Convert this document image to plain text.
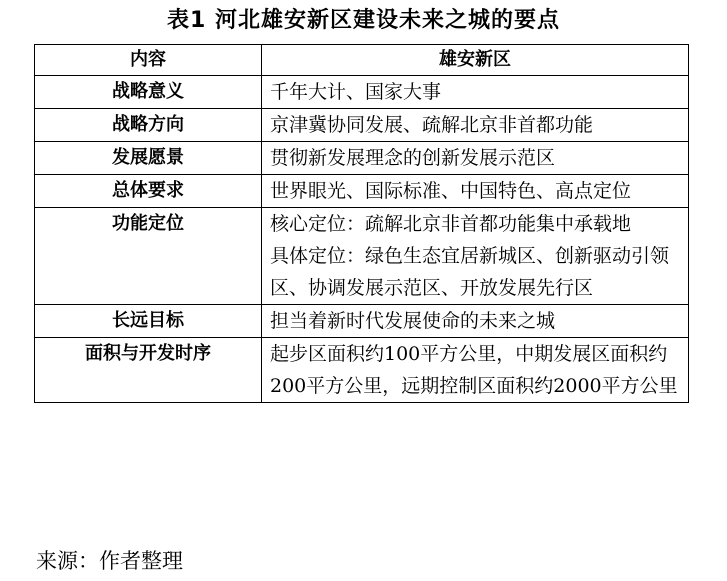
表1 河北雄安新区建设未来之城的要点
内容	雄安新区
战略意义	千年大计、国家大事

战略方向	京津冀协同发展、疏解北京非首都功能

发展愿景	贯彻新发展理念的创新发展示范区

总体要求	世界眼光、国际标准、中国特色、高点定位

功能定位	核心定位：疏解北京非首都功能集中承载地
具体定位：绿色生态宜居新城区、创新驱动引领区、协调发展示范区、开放发展先行区

长远目标	担当着新时代发展使命的未来之城

面积与开发时序	起步区面积约100平方公里，中期发展区面积约200平方公里，远期控制区面积约2000平方公里
来源：作者整理
